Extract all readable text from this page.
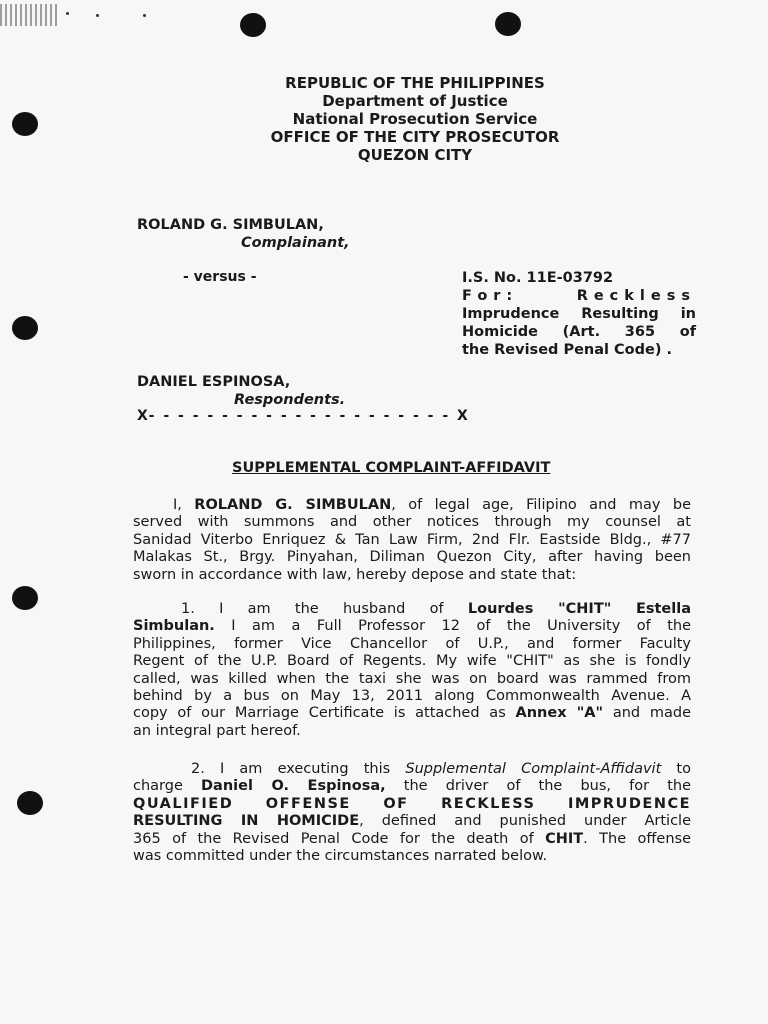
REPUBLIC OF THE PHILIPPINES
Department of Justice
National Prosecution Service
OFFICE OF THE CITY PROSECUTOR
QUEZON CITY
ROLAND G. SIMBULAN,
Complainant,
- versus -	I.S. No. 11E-03792
For:	Reckless
Imprudence Resulting in
Homicide (Art. 365 of
the Revised Penal Code) .
DANIEL ESPINOSA,
Respondents.
X- - - - - - - - - - - - - - - - - - - - - X
SUPPLEMENTAL COMPLAINT-AFFIDAVIT
I, ROLAND G. SIMBULAN, of legal age, Filipino and may be
served with summons and other notices through my counsel at
Sanidad Viterbo Enriquez & Tan Law Firm, 2nd Flr. Eastside Bldg., #77
Malakas St., Brgy. Pinyahan, Diliman Quezon City, after having been
sworn in accordance with law, hereby depose and state that:
1. I am the husband of Lourdes "CHIT" Estella
Simbulan. I am a Full Professor 12 of the University of the
Philippines, former Vice Chancellor of U.P., and former Faculty
Regent of the U.P. Board of Regents. My wife "CHIT" as she is fondly
called, was killed when the taxi she was on board was rammed from
behind by a bus on May 13, 2011 along Commonwealth Avenue. A
copy of our Marriage Certificate is attached as Annex "A" and made
an integral part hereof.
2. I am executing this Supplemental Complaint-Affidavit to
charge Daniel O. Espinosa, the driver of the bus, for the
QUALIFIED OFFENSE OF RECKLESS IMPRUDENCE
RESULTING IN HOMICIDE, defined and punished under Article
365 of the Revised Penal Code for the death of CHIT. The offense
was committed under the circumstances narrated below.
